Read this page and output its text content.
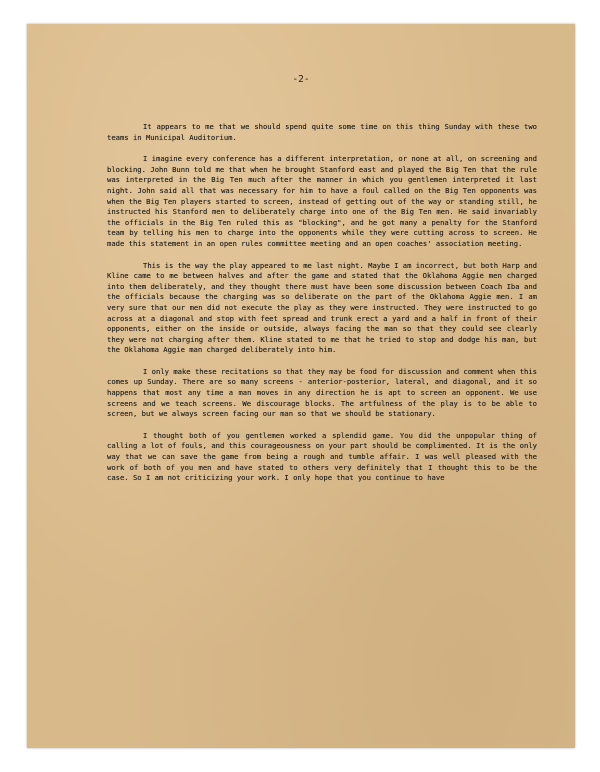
-2-

It appears to me that we should spend quite some time on this thing Sunday with these two teams in Municipal Auditorium.

I imagine every conference has a different interpretation, or none at all, on screening and blocking. John Bunn told me that when he brought Stanford east and played the Big Ten that the rule was interpreted in the Big Ten much after the manner in which you gentlemen interpreted it last night. John said all that was necessary for him to have a foul called on the Big Ten opponents was when the Big Ten players started to screen, instead of getting out of the way or standing still, he instructed his Stanford men to deliberately charge into one of the Big Ten men. He said invariably the officials in the Big Ten ruled this as "blocking", and he got many a penalty for the Stanford team by telling his men to charge into the opponents while they were cutting across to screen. He made this statement in an open rules committee meeting and an open coaches' association meeting.

This is the way the play appeared to me last night. Maybe I am incorrect, but both Harp and Kline came to me between halves and after the game and stated that the Oklahoma Aggie men charged into them deliberately, and they thought there must have been some discussion between Coach Iba and the officials because the charging was so deliberate on the part of the Oklahoma Aggie men. I am very sure that our men did not execute the play as they were instructed. They were instructed to go across at a diagonal and stop with feet spread and trunk erect a yard and a half in front of their opponents, either on the inside or outside, always facing the man so that they could see clearly they were not charging after them. Kline stated to me that he tried to stop and dodge his man, but the Oklahoma Aggie man charged deliberately into him.

I only make these recitations so that they may be food for discussion and comment when this comes up Sunday. There are so many screens - anterior-posterior, lateral, and diagonal, and it so happens that most any time a man moves in any direction he is apt to screen an opponent. We use screens and we teach screens. We discourage blocks. The artfulness of the play is to be able to screen, but we always screen facing our man so that we should be stationary.

I thought both of you gentlemen worked a splendid game. You did the unpopular thing of calling a lot of fouls, and this courageousness on your part should be complimented. It is the only way that we can save the game from being a rough and tumble affair. I was well pleased with the work of both of you men and have stated to others very definitely that I thought this to be the case. So I am not criticizing your work. I only hope that you continue to have
